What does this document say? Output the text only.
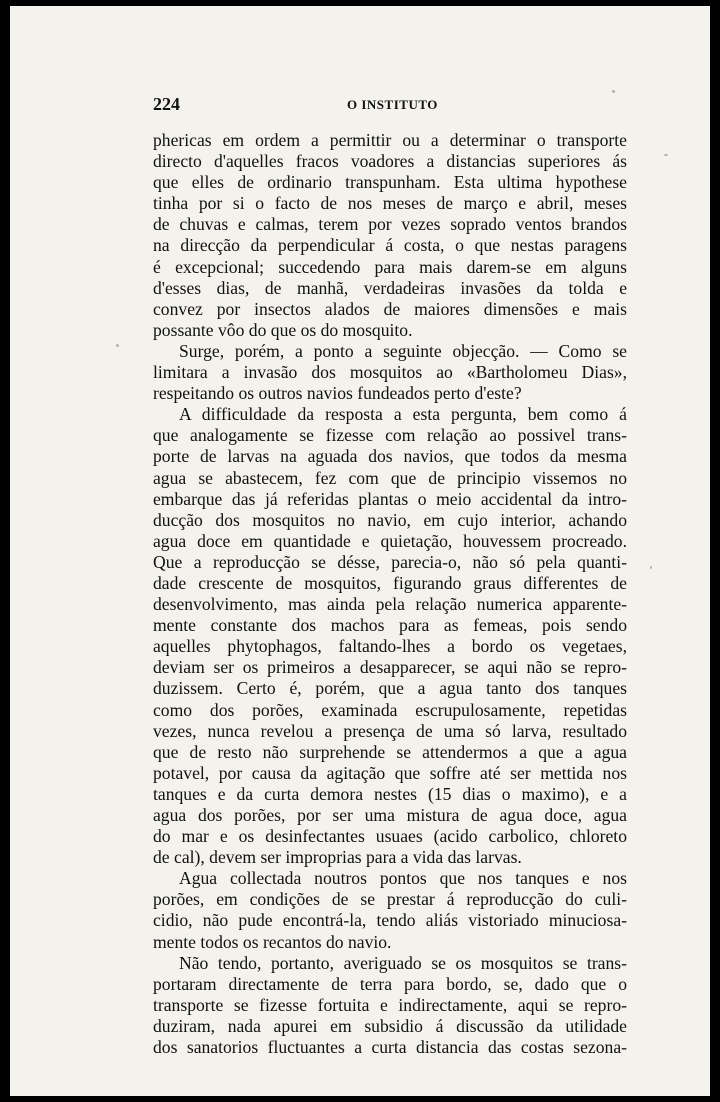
224	O INSTITUTO
phericas em ordem a permittir ou a determinar o transporte
directo d'aquelles fracos voadores a distancias superiores ás
que elles de ordinario transpunham. Esta ultima hypothese
tinha por si o facto de nos meses de março e abril, meses
de chuvas e calmas, terem por vezes soprado ventos brandos
na direcção da perpendicular á costa, o que nestas paragens
é excepcional; succedendo para mais darem-se em alguns
d'esses dias, de manhã, verdadeiras invasões da tolda e
convez por insectos alados de maiores dimensões e mais
possante vôo do que os do mosquito.
Surge, porém, a ponto a seguinte objecção. — Como se
limitara a invasão dos mosquitos ao «Bartholomeu Dias»,
respeitando os outros navios fundeados perto d'este?
A difficuldade da resposta a esta pergunta, bem como á
que analogamente se fizesse com relação ao possivel trans-
porte de larvas na aguada dos navios, que todos da mesma
agua se abastecem, fez com que de principio vissemos no
embarque das já referidas plantas o meio accidental da intro-
ducção dos mosquitos no navio, em cujo interior, achando
agua doce em quantidade e quietação, houvessem procreado.
Que a reproducção se désse, parecia-o, não só pela quanti-
dade crescente de mosquitos, figurando graus differentes de
desenvolvimento, mas ainda pela relação numerica apparente-
mente constante dos machos para as femeas, pois sendo
aquelles phytophagos, faltando-lhes a bordo os vegetaes,
deviam ser os primeiros a desapparecer, se aqui não se repro-
duzissem. Certo é, porém, que a agua tanto dos tanques
como dos porões, examinada escrupulosamente, repetidas
vezes, nunca revelou a presença de uma só larva, resultado
que de resto não surprehende se attendermos a que a agua
potavel, por causa da agitação que soffre até ser mettida nos
tanques e da curta demora nestes (15 dias o maximo), e a
agua dos porões, por ser uma mistura de agua doce, agua
do mar e os desinfectantes usuaes (acido carbolico, chloreto
de cal), devem ser improprias para a vida das larvas.
Agua collectada noutros pontos que nos tanques e nos
porões, em condições de se prestar á reproducção do culi-
cidio, não pude encontrá-la, tendo aliás vistoriado minuciosa-
mente todos os recantos do navio.
Não tendo, portanto, averiguado se os mosquitos se trans-
portaram directamente de terra para bordo, se, dado que o
transporte se fizesse fortuita e indirectamente, aqui se repro-
duziram, nada apurei em subsidio á discussão da utilidade
dos sanatorios fluctuantes a curta distancia das costas sezona-
